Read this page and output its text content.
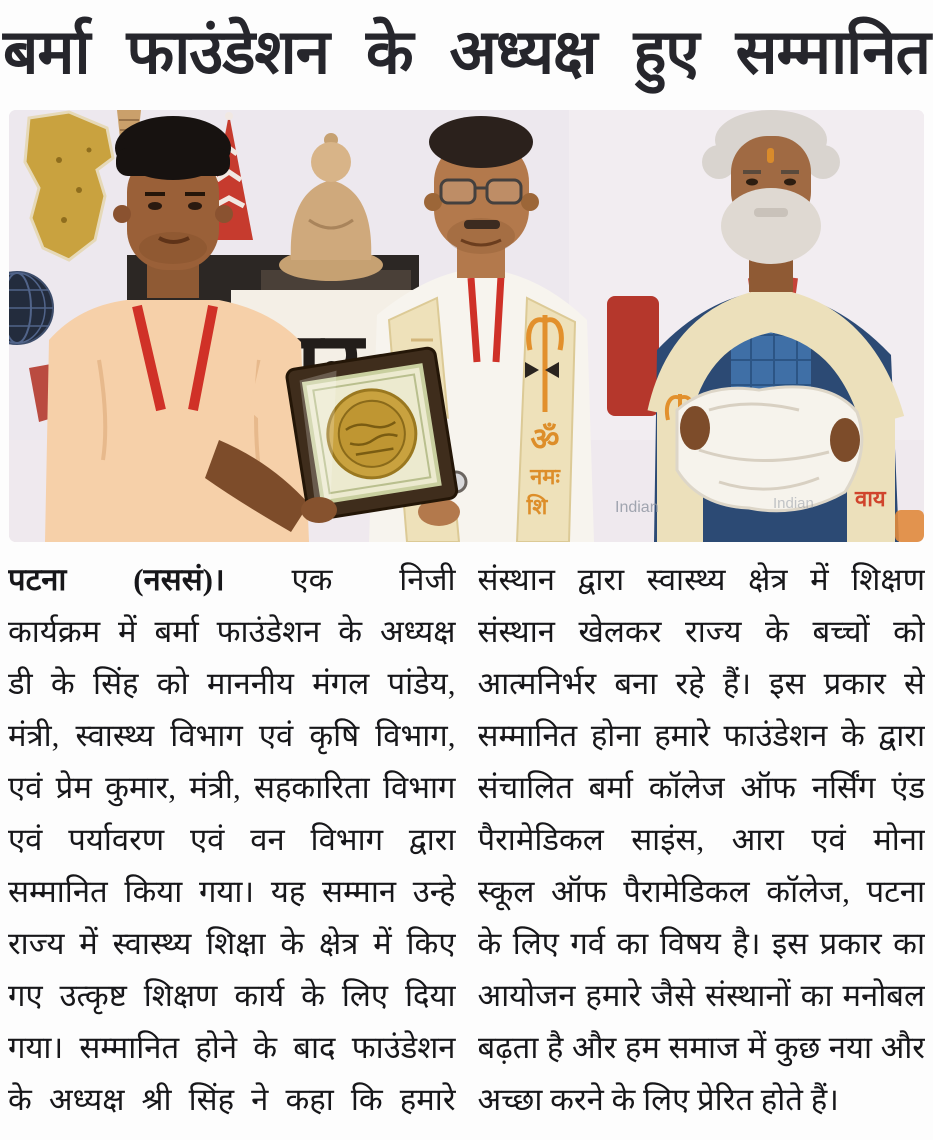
बर्मा फाउंडेशन के अध्यक्ष हुए सम्मानित
वाय
ॐ
नमः
शि	Indian	Indian
पटना (नससं)। एक निजी
कार्यक्रम में बर्मा फाउंडेशन के अध्यक्ष
डी के सिंह को माननीय मंगल पांडेय,
मंत्री, स्वास्थ्य विभाग एवं कृषि विभाग,
एवं प्रेम कुमार, मंत्री, सहकारिता विभाग
एवं पर्यावरण एवं वन विभाग द्वारा
सम्मानित किया गया। यह सम्मान उन्हे
राज्य में स्वास्थ्य शिक्षा के क्षेत्र में किए
गए उत्कृष्ट शिक्षण कार्य के लिए दिया
गया। सम्मानित होने के बाद फाउंडेशन
के अध्यक्ष श्री सिंह ने कहा कि हमारे
संस्थान द्वारा स्वास्थ्य क्षेत्र में शिक्षण
संस्थान खेलकर राज्य के बच्चों को
आत्मनिर्भर बना रहे हैं। इस प्रकार से
सम्मानित होना हमारे फाउंडेशन के द्वारा
संचालित बर्मा कॉलेज ऑफ नर्सिंग एंड
पैरामेडिकल साइंस, आरा एवं मोना
स्कूल ऑफ पैरामेडिकल कॉलेज, पटना
के लिए गर्व का विषय है। इस प्रकार का
आयोजन हमारे जैसे संस्थानों का मनोबल
बढ़ता है और हम समाज में कुछ नया और
अच्छा करने के लिए प्रेरित होते हैं।
